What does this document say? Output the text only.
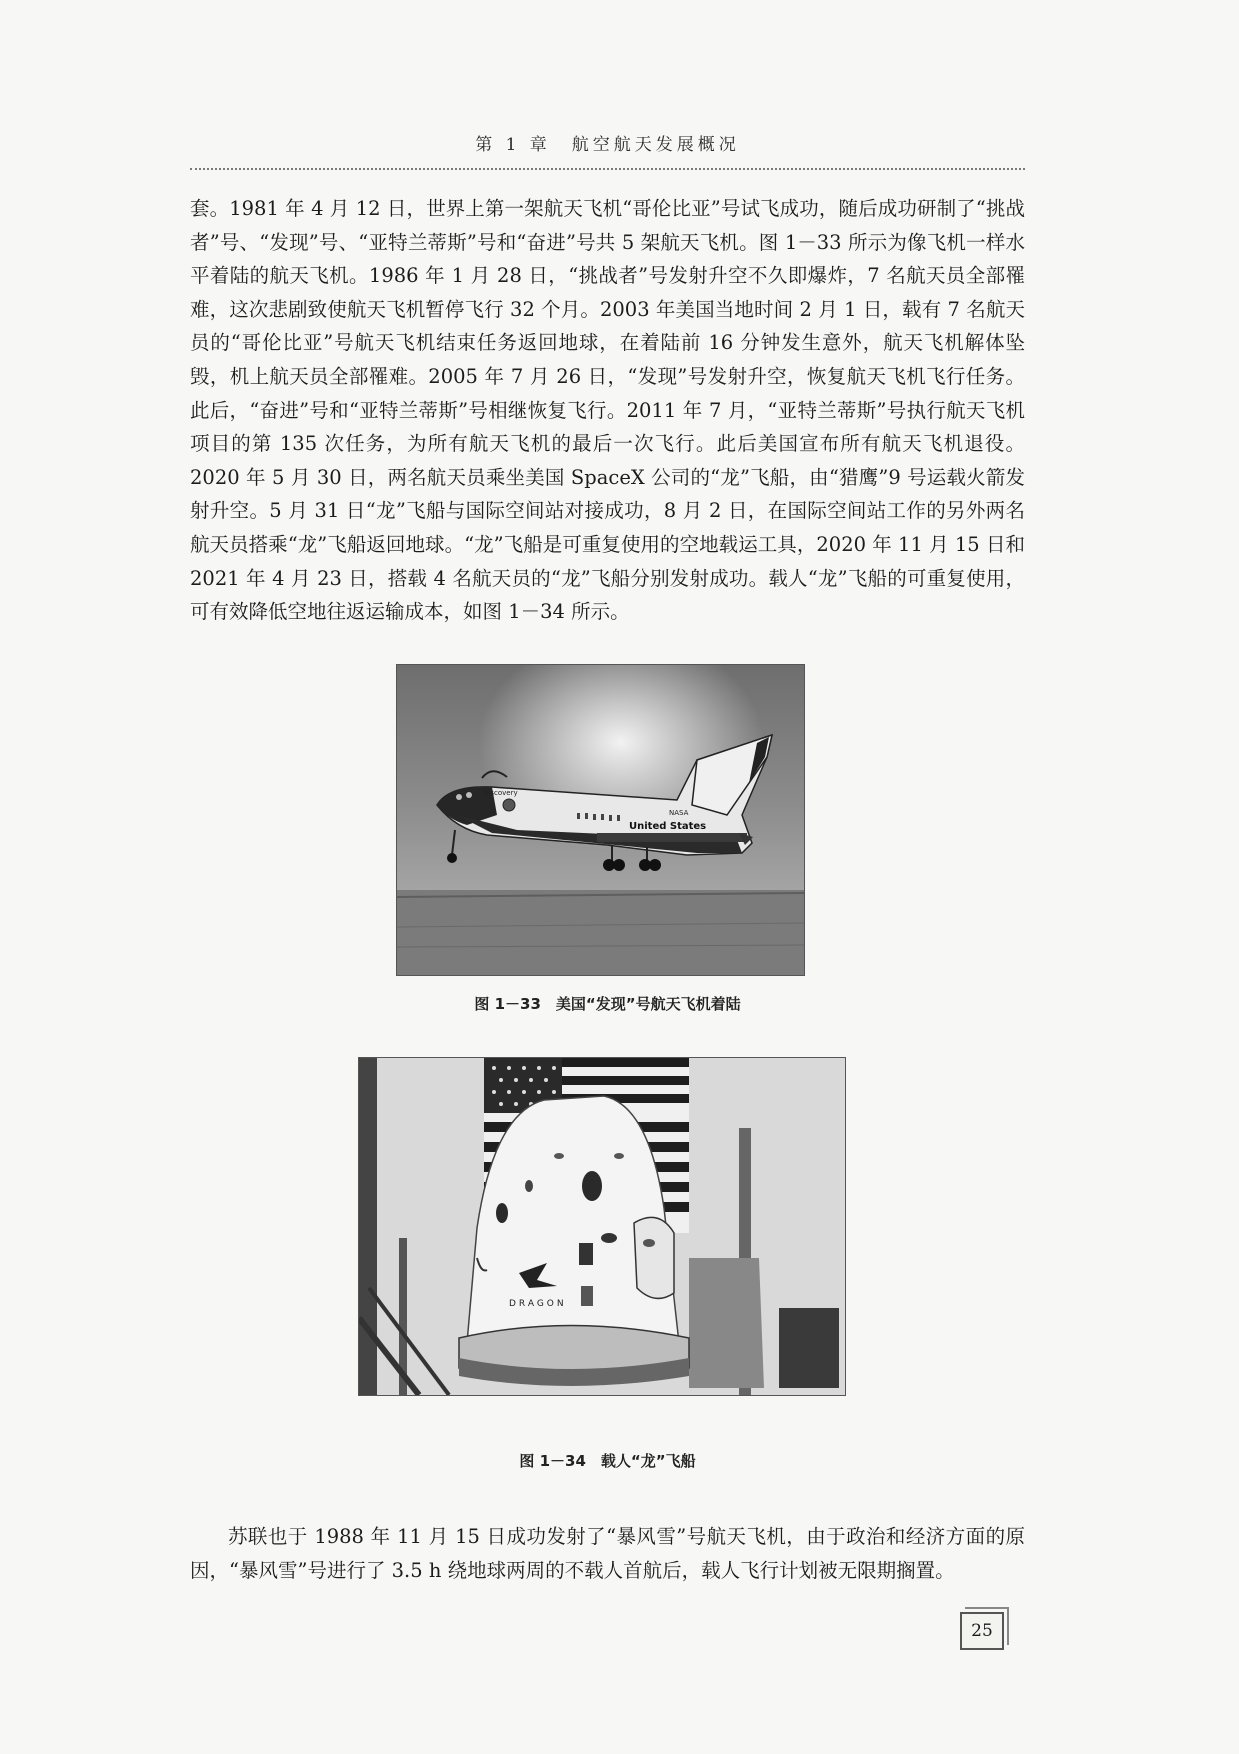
第 1 章　航空航天发展概况

套。1981 年 4 月 12 日，世界上第一架航天飞机“哥伦比亚”号试飞成功，随后成功研制了“挑战者”号、“发现”号、“亚特兰蒂斯”号和“奋进”号共 5 架航天飞机。图 1－33 所示为像飞机一样水平着陆的航天飞机。1986 年 1 月 28 日，“挑战者”号发射升空不久即爆炸，7 名航天员全部罹难，这次悲剧致使航天飞机暂停飞行 32 个月。2003 年美国当地时间 2 月 1 日，载有 7 名航天员的“哥伦比亚”号航天飞机结束任务返回地球，在着陆前 16 分钟发生意外，航天飞机解体坠毁，机上航天员全部罹难。2005 年 7 月 26 日，“发现”号发射升空，恢复航天飞机飞行任务。此后，“奋进”号和“亚特兰蒂斯”号相继恢复飞行。2011 年 7 月，“亚特兰蒂斯”号执行航天飞机项目的第 135 次任务，为所有航天飞机的最后一次飞行。此后美国宣布所有航天飞机退役。2020 年 5 月 30 日，两名航天员乘坐美国 SpaceX 公司的“龙”飞船，由“猎鹰”9 号运载火箭发射升空。5 月 31 日“龙”飞船与国际空间站对接成功，8 月 2 日，在国际空间站工作的另外两名航天员搭乘“龙”飞船返回地球。“龙”飞船是可重复使用的空地载运工具，2020 年 11 月 15 日和 2021 年 4 月 23 日，搭载 4 名航天员的“龙”飞船分别发射成功。载人“龙”飞船的可重复使用，可有效降低空地往返运输成本，如图 1－34 所示。

Discovery
NASA
United States
图 1－33　美国“发现”号航天飞机着陆
DRAGON
图 1－34　载人“龙”飞船

苏联也于 1988 年 11 月 15 日成功发射了“暴风雪”号航天飞机，由于政治和经济方面的原因，“暴风雪”号进行了 3.5 h 绕地球两周的不载人首航后，载人飞行计划被无限期搁置。

25
